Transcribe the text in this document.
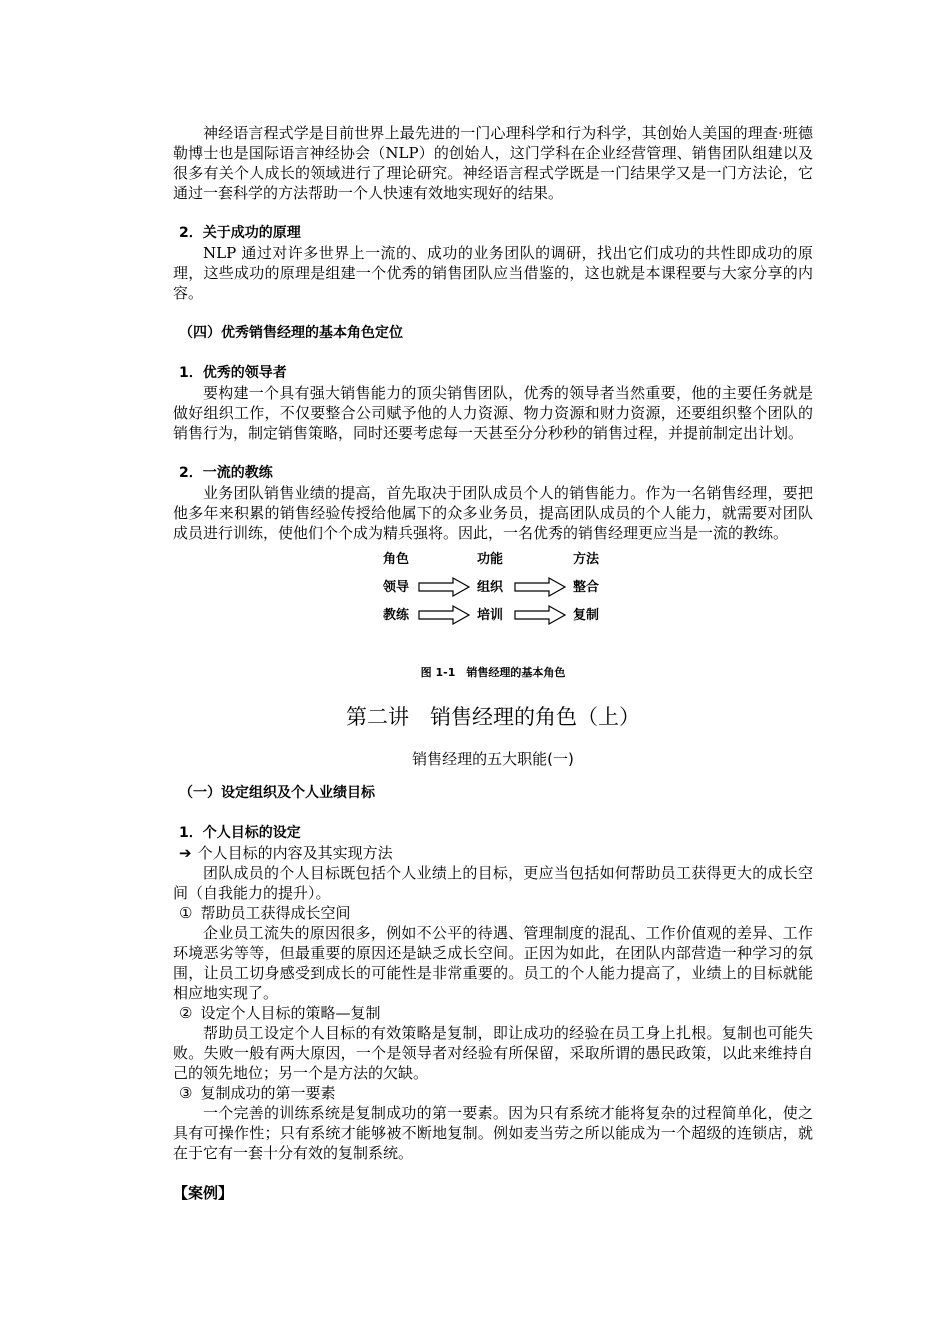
神经语言程式学是目前世界上最先进的一门心理科学和行为科学，其创始人美国的理查·班德勒博士也是国际语言神经协会（NLP）的创始人，这门学科在企业经营管理、销售团队组建以及很多有关个人成长的领域进行了理论研究。神经语言程式学既是一门结果学又是一门方法论，它通过一套科学的方法帮助一个人快速有效地实现好的结果。

2．关于成功的原理

NLP 通过对许多世界上一流的、成功的业务团队的调研，找出它们成功的共性即成功的原理，这些成功的原理是组建一个优秀的销售团队应当借鉴的，这也就是本课程要与大家分享的内容。

（四）优秀销售经理的基本角色定位

1．优秀的领导者

要构建一个具有强大销售能力的顶尖销售团队，优秀的领导者当然重要，他的主要任务就是做好组织工作，不仅要整合公司赋予他的人力资源、物力资源和财力资源，还要组织整个团队的销售行为，制定销售策略，同时还要考虑每一天甚至分分秒秒的销售过程，并提前制定出计划。

2．一流的教练

业务团队销售业绩的提高，首先取决于团队成员个人的销售能力。作为一名销售经理，要把他多年来积累的销售经验传授给他属下的众多业务员，提高团队成员的个人能力，就需要对团队成员进行训练，使他们个个成为精兵强将。因此，一名优秀的销售经理更应当是一流的教练。

角色	功能	方法
领导	组织	整合
教练	培训	复制

图 1-1　销售经理的基本角色

第二讲　销售经理的角色（上）

销售经理的五大职能(一)

（一）设定组织及个人业绩目标

1．个人目标的设定

➔ 个人目标的内容及其实现方法

团队成员的个人目标既包括个人业绩上的目标，更应当包括如何帮助员工获得更大的成长空间（自我能力的提升）。

① 帮助员工获得成长空间

企业员工流失的原因很多，例如不公平的待遇、管理制度的混乱、工作价值观的差异、工作环境恶劣等等，但最重要的原因还是缺乏成长空间。正因为如此，在团队内部营造一种学习的氛围，让员工切身感受到成长的可能性是非常重要的。员工的个人能力提高了，业绩上的目标就能相应地实现了。

② 设定个人目标的策略—复制

帮助员工设定个人目标的有效策略是复制，即让成功的经验在员工身上扎根。复制也可能失败。失败一般有两大原因，一个是领导者对经验有所保留，采取所谓的愚民政策，以此来维持自己的领先地位；另一个是方法的欠缺。

③ 复制成功的第一要素

一个完善的训练系统是复制成功的第一要素。因为只有系统才能将复杂的过程简单化，使之具有可操作性；只有系统才能够被不断地复制。例如麦当劳之所以能成为一个超级的连锁店，就在于它有一套十分有效的复制系统。

【案例】
